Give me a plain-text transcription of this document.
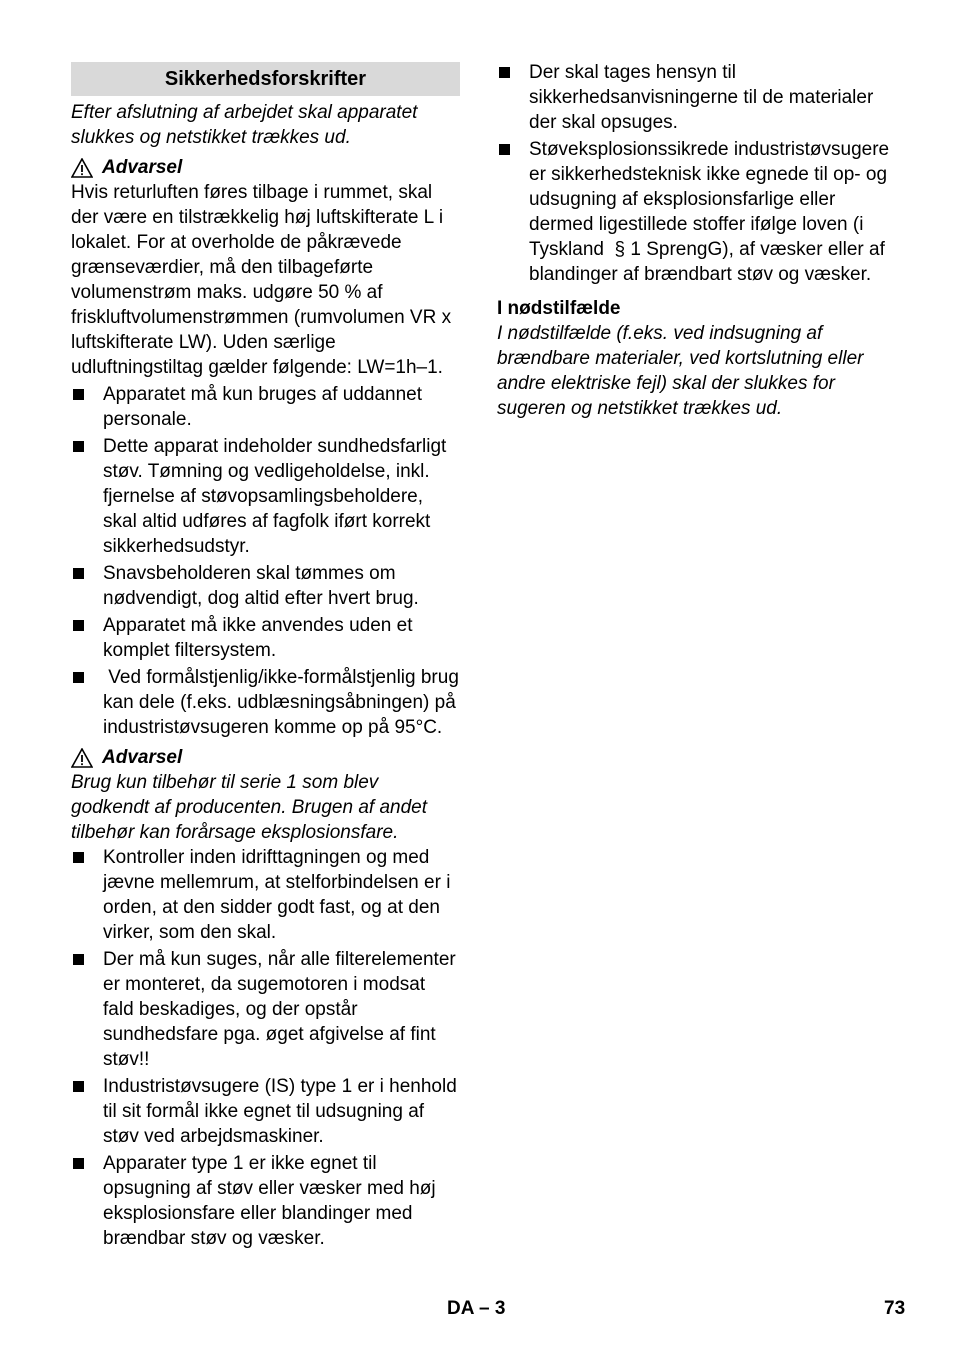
Sikkerhedsforskrifter

Efter afslutning af arbejdet skal apparatet slukkes og netstikket trækkes ud.

Advarsel

Hvis returluften føres tilbage i rummet, skal der være en tilstrækkelig høj luftskifterate L i lokalet. For at overholde de påkrævede grænseværdier, må den tilbageførte volumenstrøm maks. udgøre 50 % af friskluftvolumenstrømmen (rumvolumen VR x luftskifterate LW). Uden særlige udluftningstiltag gælder følgende: LW=1h–1.

Apparatet må kun bruges af uddannet personale.
Dette apparat indeholder sundhedsfarligt støv. Tømning og vedligeholdelse, inkl. fjernelse af støvopsamlingsbeholdere, skal altid udføres af fagfolk iført korrekt sikkerhedsudstyr.
Snavsbeholderen skal tømmes om nødvendigt, dog altid efter hvert brug.
Apparatet må ikke anvendes uden et komplet filtersystem.
Ved formålstjenlig/ikke-formålstjenlig brug kan dele (f.eks. udblæsningsåbningen) på industristøvsugeren komme op på 95°C.
Advarsel

Brug kun tilbehør til serie 1 som blev godkendt af producenten. Brugen af andet tilbehør kan forårsage eksplosionsfare.

Kontroller inden idrifttagningen og med jævne mellemrum, at stelforbindelsen er i orden, at den sidder godt fast, og at den virker, som den skal.
Der må kun suges, når alle filterelementer er monteret, da sugemotoren i modsat fald beskadiges, og der opstår sundhedsfare pga. øget afgivelse af fint støv!!
Industristøvsugere (IS) type 1 er i henhold til sit formål ikke egnet til udsugning af støv ved arbejdsmaskiner.
Apparater type 1 er ikke egnet til opsugning af støv eller væsker med høj eksplosionsfare eller blandinger med brændbar støv og væsker.
Der skal tages hensyn til sikkerhedsanvisningerne til de materialer der skal opsuges.
Støveksplosionssikrede industristøvsugere er sikkerhedsteknisk ikke egnede til op- og udsugning af eksplosionsfarlige eller dermed ligestillede stoffer ifølge loven (i Tyskland  § 1 SprengG), af væsker eller af blandinger af brændbart støv og væsker.
I nødstilfælde

I nødstilfælde (f.eks. ved indsugning af brændbare materialer, ved kortslutning eller andre elektriske fejl) skal der slukkes for sugeren og netstikket trækkes ud.

DA – 3	73
